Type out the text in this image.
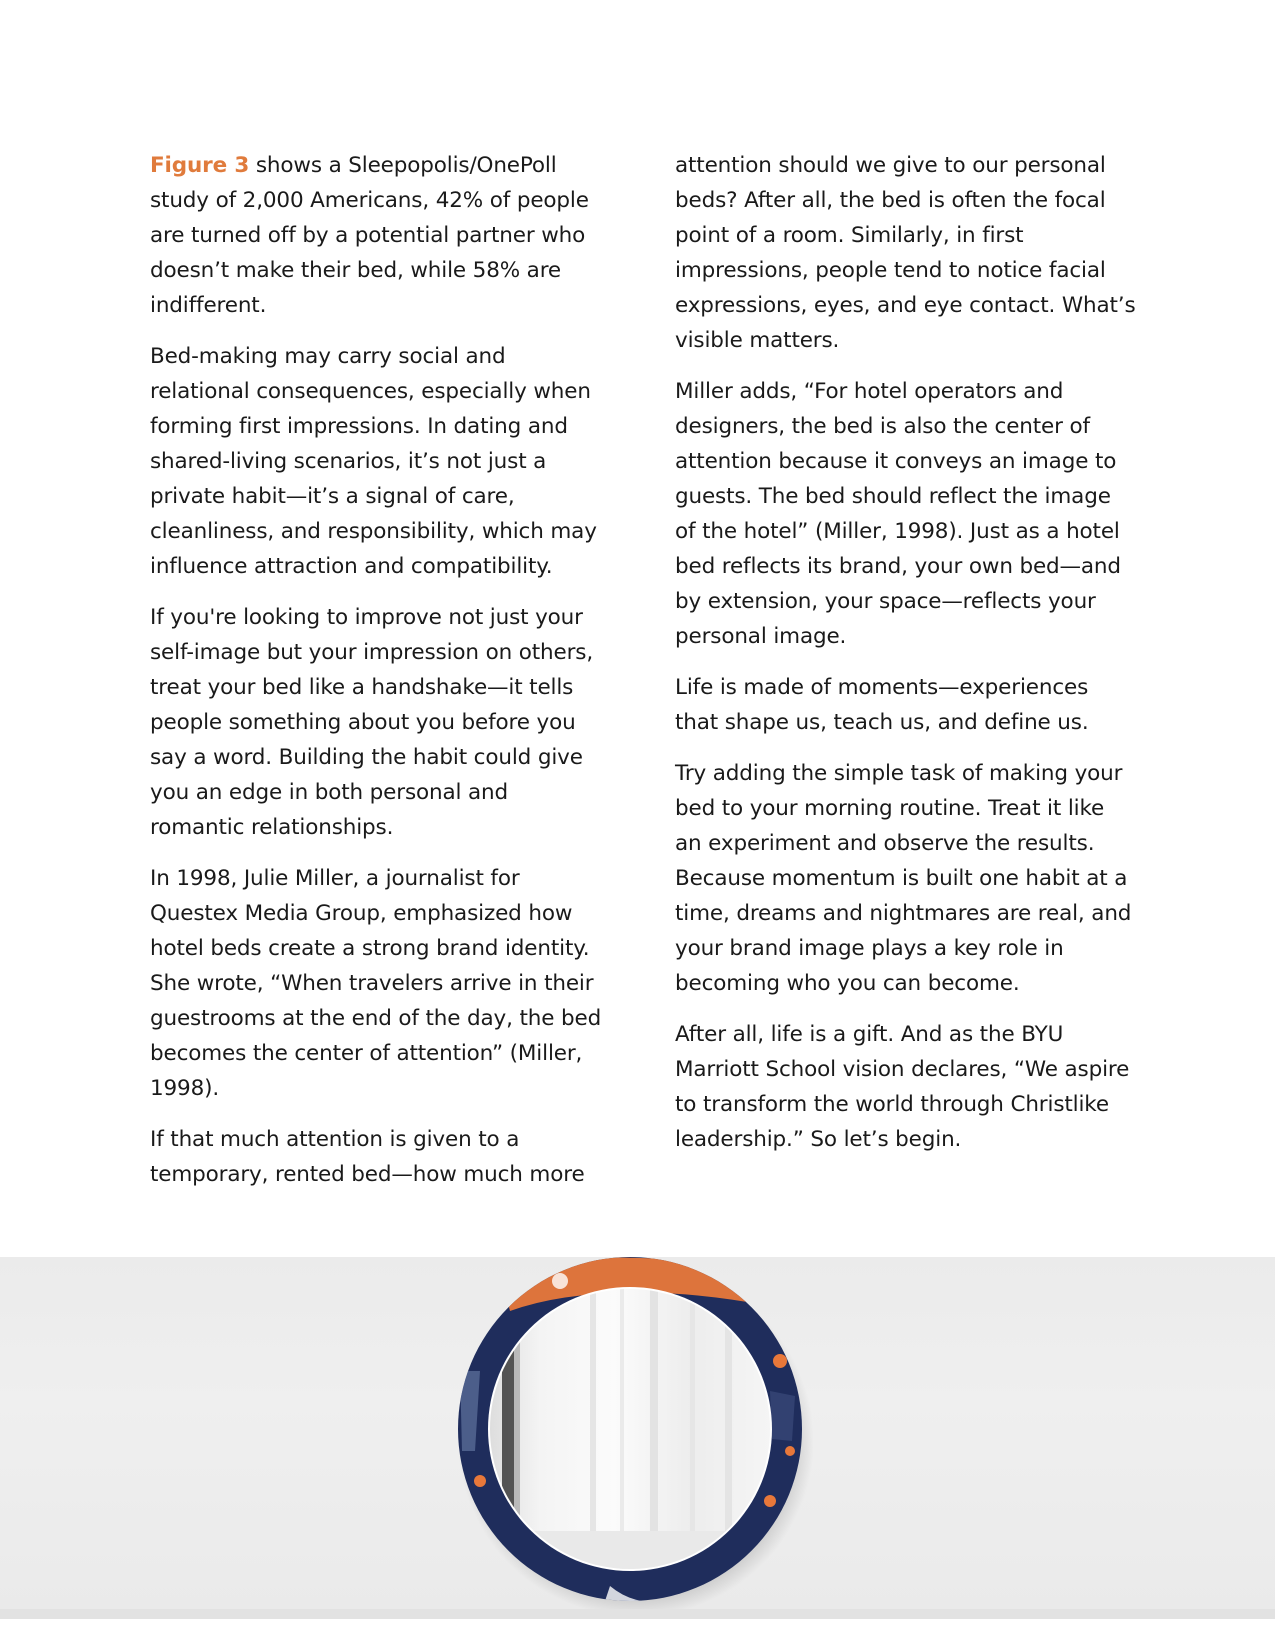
Figure 3 shows a Sleepopolis/OnePoll study of 2,000 Americans, 42% of people are turned off by a potential partner who doesn’t make their bed, while 58% are indifferent.

Bed-making may carry social and relational consequences, especially when forming first impressions. In dating and shared-living scenarios, it’s not just a private habit—it’s a signal of care, cleanliness, and responsibility, which may influence attraction and compatibility.

If you're looking to improve not just your self-image but your impression on others, treat your bed like a handshake—it tells people something about you before you say a word. Building the habit could give you an edge in both personal and romantic relationships.

In 1998, Julie Miller, a journalist for Questex Media Group, emphasized how hotel beds create a strong brand identity. She wrote, “When travelers arrive in their guestrooms at the end of the day, the bed becomes the center of attention” (Miller, 1998).

If that much attention is given to a temporary, rented bed—how much more

attention should we give to our personal beds? After all, the bed is often the focal point of a room. Similarly, in first impressions, people tend to notice facial expressions, eyes, and eye contact. What’s visible matters.

Miller adds, “For hotel operators and designers, the bed is also the center of attention because it conveys an image to guests. The bed should reflect the image of the hotel” (Miller, 1998). Just as a hotel bed reflects its brand, your own bed—and by extension, your space—reflects your personal image.

Life is made of moments—experiences that shape us, teach us, and define us.

Try adding the simple task of making your bed to your morning routine. Treat it like an experiment and observe the results. Because momentum is built one habit at a time, dreams and nightmares are real, and your brand image plays a key role in becoming who you can become.

After all, life is a gift. And as the BYU Marriott School vision declares, “We aspire to transform the world through Christlike leadership.” So let’s begin.
